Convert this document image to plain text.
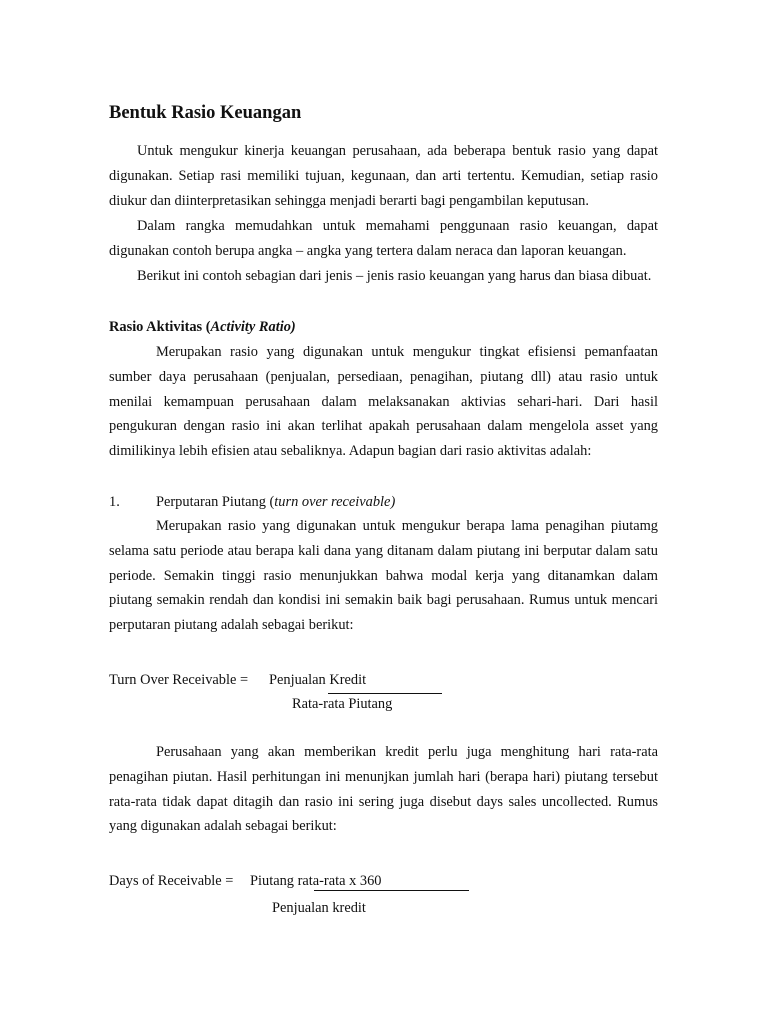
Bentuk Rasio Keuangan

Untuk mengukur kinerja keuangan perusahaan, ada beberapa bentuk rasio yang dapat digunakan. Setiap rasi memiliki tujuan, kegunaan, dan arti tertentu. Kemudian, setiap rasio diukur dan diinterpretasikan sehingga menjadi berarti bagi pengambilan keputusan.

Dalam rangka memudahkan untuk memahami penggunaan rasio keuangan, dapat digunakan contoh berupa angka – angka yang tertera dalam neraca dan laporan keuangan.

Berikut ini contoh sebagian dari jenis – jenis rasio keuangan yang harus dan biasa dibuat.

Rasio Aktivitas (Activity Ratio)

Merupakan rasio yang digunakan untuk mengukur tingkat efisiensi pemanfaatan sumber daya perusahaan (penjualan, persediaan, penagihan, piutang dll) atau rasio untuk menilai kemampuan perusahaan dalam melaksanakan aktivias sehari-hari. Dari hasil pengukuran dengan rasio ini akan terlihat apakah perusahaan dalam mengelola asset yang dimilikinya lebih efisien atau sebaliknya. Adapun bagian dari rasio aktivitas adalah:

1.	Perputaran Piutang (turn over receivable)

Merupakan rasio yang digunakan untuk mengukur berapa lama penagihan piutamg selama satu periode atau berapa kali dana yang ditanam dalam piutang ini berputar dalam satu periode. Semakin tinggi rasio menunjukkan bahwa modal kerja yang ditanamkan dalam piutang semakin rendah dan kondisi ini semakin baik bagi perusahaan. Rumus untuk mencari perputaran piutang adalah sebagai berikut:

Turn Over Receivable = Penjualan Kredit
Rata-rata Piutang

Perusahaan yang akan memberikan kredit perlu juga menghitung hari rata-rata penagihan piutan. Hasil perhitungan ini menunjkan jumlah hari (berapa hari) piutang tersebut rata-rata tidak dapat ditagih dan rasio ini sering juga disebut days sales uncollected. Rumus yang digunakan adalah sebagai berikut:

Days of Receivable = Piutang rata-rata x 360
Penjualan kredit
